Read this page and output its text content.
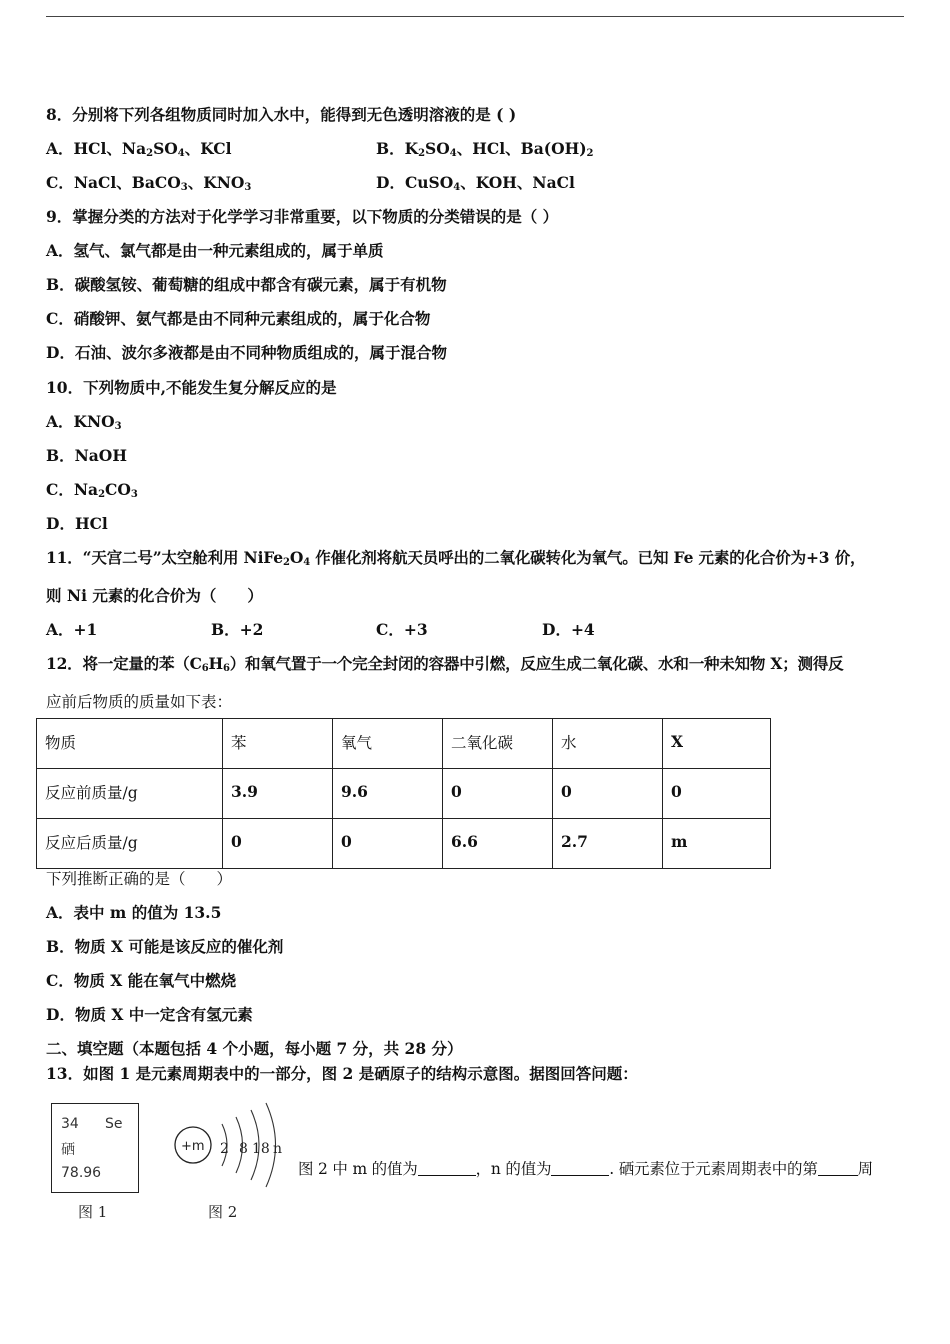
8．分别将下列各组物质同时加入水中，能得到无色透明溶液的是 ( )
A．HCl、$Na_2SO_4$、KCl	B．$K_2SO_4$、HCl、$Ba(OH)_2$
C．NaCl、BaCO$_3$、$KNO_3$	D．CuSO$_4$、KOH、NaCl
9．掌握分类的方法对于化学学习非常重要，以下物质的分类错误的是（ ）
A．氢气、氯气都是由一种元素组成的，属于单质
B．碳酸氢铵、葡萄糖的组成中都含有碳元素，属于有机物
C．硝酸钾、氨气都是由不同种元素组成的，属于化合物
D．石油、波尔多液都是由不同种物质组成的，属于混合物
10．下列物质中,不能发生复分解反应的是
A．$KNO_3$
B．NaOH
C．$Na_2CO_3$
D．HCl
11．“天宫二号”太空舱利用 $NiFe_2O_4$ 作催化剂将航天员呼出的二氧化碳转化为氧气。已知 Fe 元素的化合价为+3 价，
则 Ni 元素的化合价为（　　）
A．+1	B．+2	C．+3	D．+4
12．将一定量的苯$(C_6H_6)$和氧气置于一个完全封闭的容器中引燃，反应生成二氧化碳、水和一种未知物 X；测得反
应前后物质的质量如下表：
物质	苯	氧气	二氧化碳	水	X
反应前质量/g	3.9	9.6	0	0	0
反应后质量/g	0	0	6.6	2.7	m
下列推断正确的是（　　）
A．表中 m 的值为 13.5
B．物质 X 可能是该反应的催化剂
C．物质 X 能在氧气中燃烧
D．物质 X 中一定含有氢元素
二、填空题（本题包括 4 个小题，每小题 7 分，共 28 分）
13．如图 1 是元素周期表中的一部分，图 2 是硒原子的结构示意图。据图回答问题：
34 Se
硒
78.96
图 1
+m 2 8 18 n
图 2
图 2 中 m 的值为	，n 的值为	. 硒元素位于元素周期表中的第	周
